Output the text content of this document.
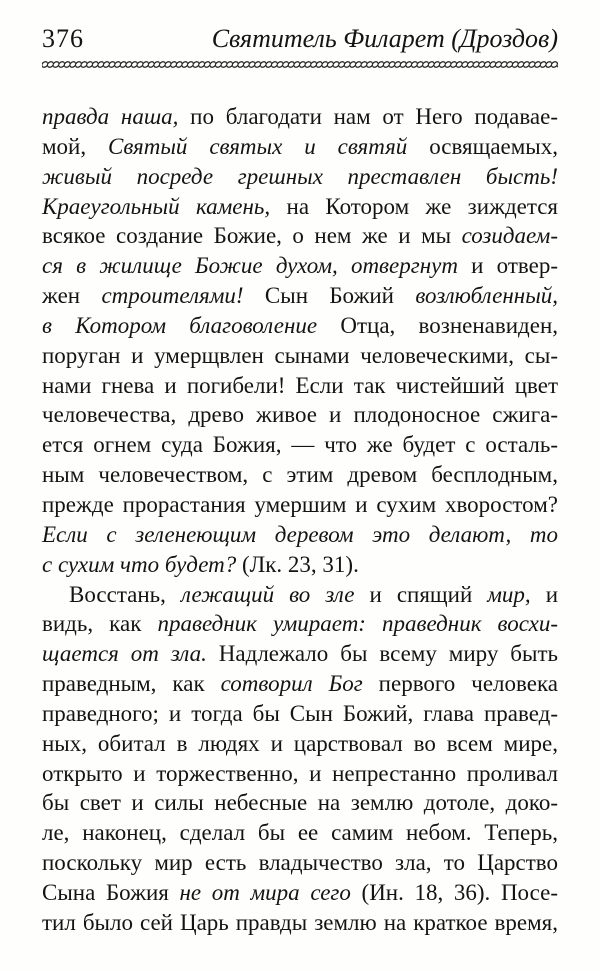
376	Святитель Филарет (Дроздов)
правда наша, по благодати нам от Него подавае-
мой, Святый святых и святяй освящаемых,
живый посреде грешных преставлен бысть!
Краеугольный камень, на Котором же зиждется
всякое создание Божие, о нем же и мы созидаем-
ся в жилище Божие духом, отвергнут и отвер-
жен строителями! Сын Божий возлюбленный,
в Котором благоволение Отца, возненавиден,
поруган и умерщвлен сынами человеческими, сы-
нами гнева и погибели! Если так чистейший цвет
человечества, древо живое и плодоносное сжига-
ется огнем суда Божия, — что же будет с осталь-
ным человечеством, с этим древом бесплодным,
прежде прорастания умершим и сухим хворостом?
Если с зеленеющим деревом это делают, то
с сухим что будет? (Лк. 23, 31).
Восстань, лежащий во зле и спящий мир, и
видь, как праведник умирает: праведник восхи-
щается от зла. Надлежало бы всему миру быть
праведным, как сотворил Бог первого человека
праведного; и тогда бы Сын Божий, глава правед-
ных, обитал в людях и царствовал во всем мире,
открыто и торжественно, и непрестанно проливал
бы свет и силы небесные на землю дотоле, доко-
ле, наконец, сделал бы ее самим небом. Теперь,
поскольку мир есть владычество зла, то Царство
Сына Божия не от мира сего (Ин. 18, 36). Посе-
тил было сей Царь правды землю на краткое время,
